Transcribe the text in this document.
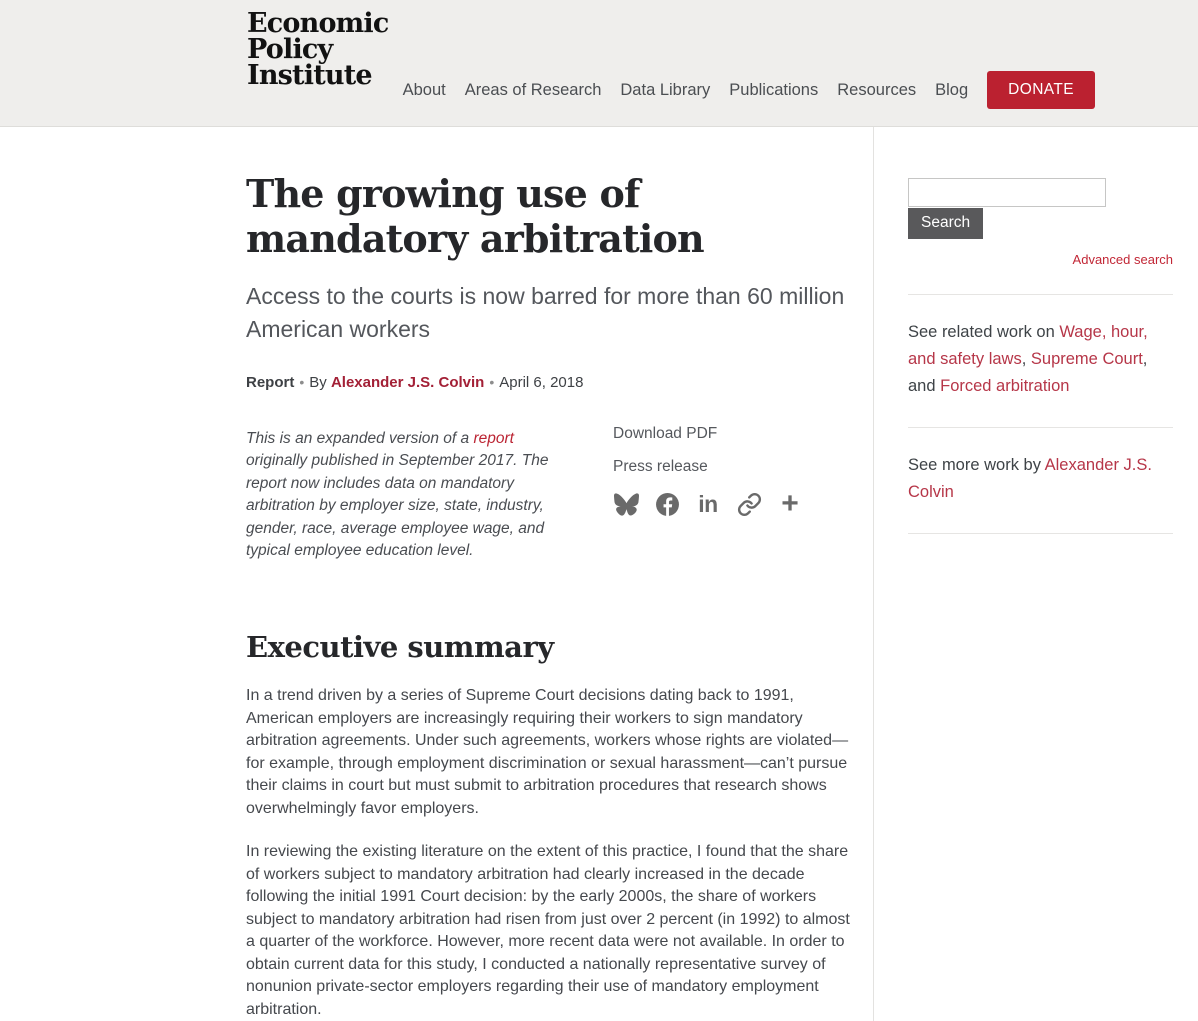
Economic
Policy
Institute	About Areas of Research Data Library Publications Resources Blog	DONATE
The growing use of mandatory arbitration
Access to the courts is now barred for more than 60 million American workers
Report • By Alexander J.S. Colvin • April 6, 2018

This is an expanded version of a report originally published in September 2017. The report now includes data on mandatory arbitration by employer size, state, industry, gender, race, average employee wage, and typical employee education level.

Download PDF
Press release
in +
Executive summary

In a trend driven by a series of Supreme Court decisions dating back to 1991, American employers are increasingly requiring their workers to sign mandatory arbitration agreements. Under such agreements, workers whose rights are violated—for example, through employment discrimination or sexual harassment—can’t pursue their claims in court but must submit to arbitration procedures that research shows overwhelmingly favor employers.

In reviewing the existing literature on the extent of this practice, I found that the share of workers subject to mandatory arbitration had clearly increased in the decade following the initial 1991 Court decision: by the early 2000s, the share of workers subject to mandatory arbitration had risen from just over 2 percent (in 1992) to almost a quarter of the workforce. However, more recent data were not available. In order to obtain current data for this study, I conducted a nationally representative survey of nonunion private-sector employers regarding their use of mandatory employment arbitration.

Search
Advanced search

See related work on Wage, hour, and safety laws, Supreme Court, and Forced arbitration

See more work by Alexander J.S. Colvin
